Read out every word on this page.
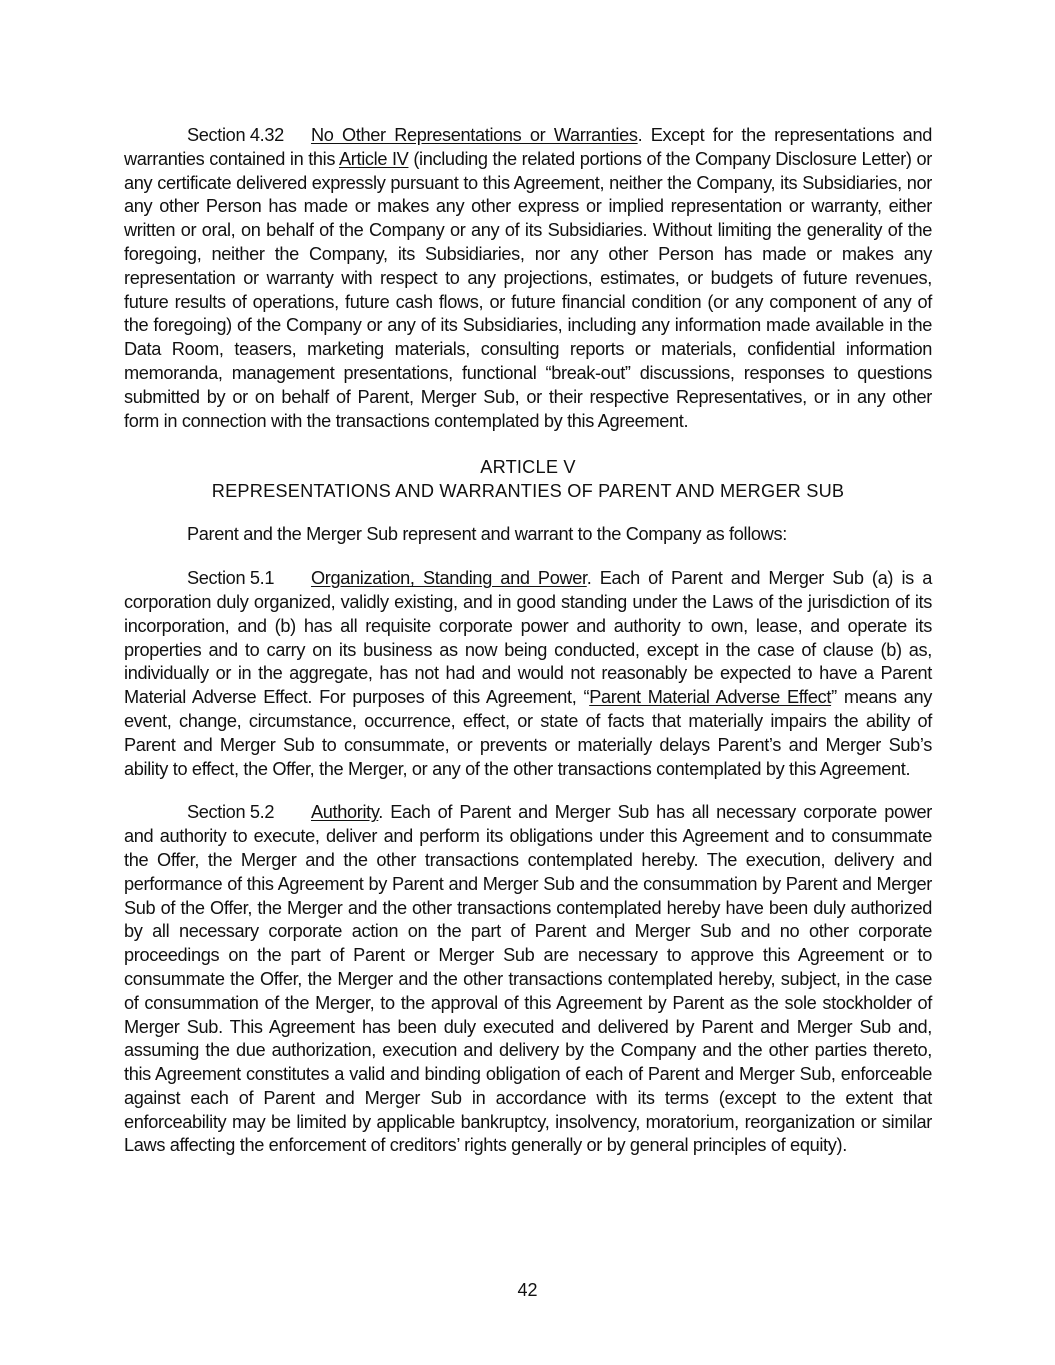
Section 4.32 No Other Representations or Warranties. Except for the representations and warranties contained in this Article IV (including the related portions of the Company Disclosure Letter) or any certificate delivered expressly pursuant to this Agreement, neither the Company, its Subsidiaries, nor any other Person has made or makes any other express or implied representation or warranty, either written or oral, on behalf of the Company or any of its Subsidiaries. Without limiting the generality of the foregoing, neither the Company, its Subsidiaries, nor any other Person has made or makes any representation or warranty with respect to any projections, estimates, or budgets of future revenues, future results of operations, future cash flows, or future financial condition (or any component of any of the foregoing) of the Company or any of its Subsidiaries, including any information made available in the Data Room, teasers, marketing materials, consulting reports or materials, confidential information memoranda, management presentations, functional “break-out” discussions, responses to questions submitted by or on behalf of Parent, Merger Sub, or their respective Representatives, or in any other form in connection with the transactions contemplated by this Agreement.

ARTICLE V
REPRESENTATIONS AND WARRANTIES OF PARENT AND MERGER SUB

Parent and the Merger Sub represent and warrant to the Company as follows:

Section 5.1 Organization, Standing and Power. Each of Parent and Merger Sub (a) is a corporation duly organized, validly existing, and in good standing under the Laws of the jurisdiction of its incorporation, and (b) has all requisite corporate power and authority to own, lease, and operate its properties and to carry on its business as now being conducted, except in the case of clause (b) as, individually or in the aggregate, has not had and would not reasonably be expected to have a Parent Material Adverse Effect. For purposes of this Agreement, “Parent Material Adverse Effect” means any event, change, circumstance, occurrence, effect, or state of facts that materially impairs the ability of Parent and Merger Sub to consummate, or prevents or materially delays Parent’s and Merger Sub’s ability to effect, the Offer, the Merger, or any of the other transactions contemplated by this Agreement.

Section 5.2 Authority. Each of Parent and Merger Sub has all necessary corporate power and authority to execute, deliver and perform its obligations under this Agreement and to consummate the Offer, the Merger and the other transactions contemplated hereby. The execution, delivery and performance of this Agreement by Parent and Merger Sub and the consummation by Parent and Merger Sub of the Offer, the Merger and the other transactions contemplated hereby have been duly authorized by all necessary corporate action on the part of Parent and Merger Sub and no other corporate proceedings on the part of Parent or Merger Sub are necessary to approve this Agreement or to consummate the Offer, the Merger and the other transactions contemplated hereby, subject, in the case of consummation of the Merger, to the approval of this Agreement by Parent as the sole stockholder of Merger Sub. This Agreement has been duly executed and delivered by Parent and Merger Sub and, assuming the due authorization, execution and delivery by the Company and the other parties thereto, this Agreement constitutes a valid and binding obligation of each of Parent and Merger Sub, enforceable against each of Parent and Merger Sub in accordance with its terms (except to the extent that enforceability may be limited by applicable bankruptcy, insolvency, moratorium, reorganization or similar Laws affecting the enforcement of creditors’ rights generally or by general principles of equity).

42
